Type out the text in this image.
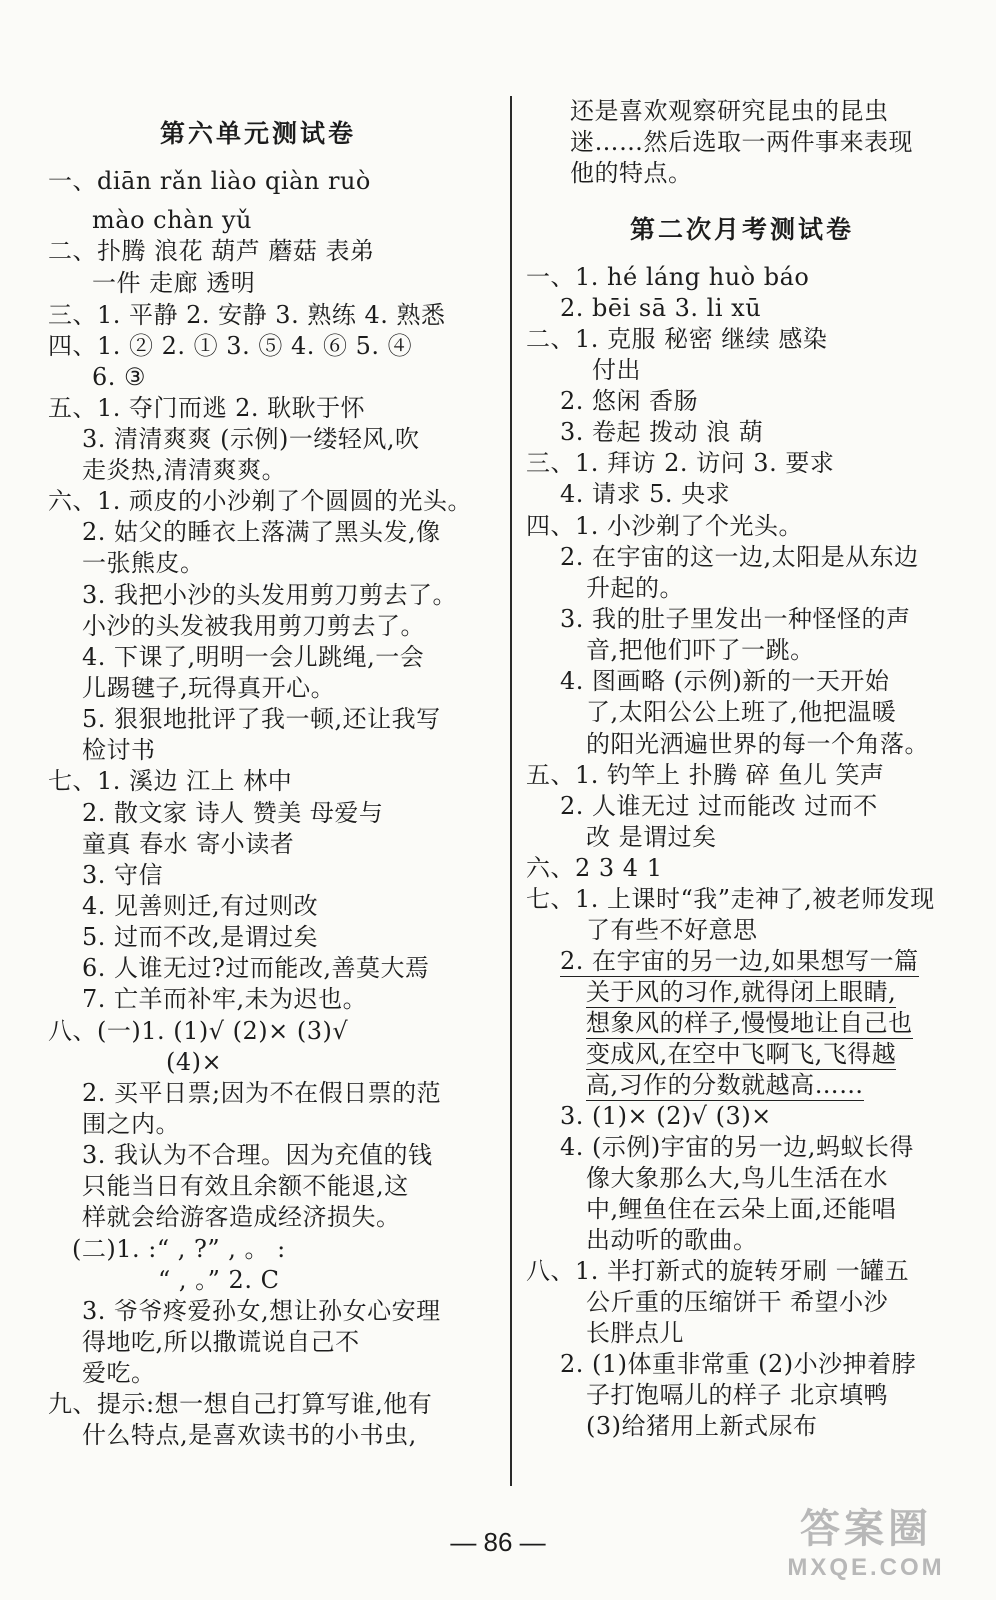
第六单元测试卷
一、diān rǎn liào qiàn ruò
mào chàn yǔ
二、扑腾 浪花 葫芦 蘑菇 表弟
一件 走廊 透明
三、1. 平静 2. 安静 3. 熟练 4. 熟悉
四、1. ② 2. ① 3. ⑤ 4. ⑥ 5. ④
6. ③
五、1. 夺门而逃 2. 耿耿于怀
3. 清清爽爽 (示例)一缕轻风,吹
走炎热,清清爽爽。
六、1. 顽皮的小沙剃了个圆圆的光头。
2. 姑父的睡衣上落满了黑头发,像
一张熊皮。
3. 我把小沙的头发用剪刀剪去了。
小沙的头发被我用剪刀剪去了。
4. 下课了,明明一会儿跳绳,一会
儿踢毽子,玩得真开心。
5. 狠狠地批评了我一顿,还让我写
检讨书
七、1. 溪边 江上 林中
2. 散文家 诗人 赞美 母爱与
童真 春水 寄小读者
3. 守信
4. 见善则迁,有过则改
5. 过而不改,是谓过矣
6. 人谁无过?过而能改,善莫大焉
7. 亡羊而补牢,未为迟也。
八、(一)1. (1)√ (2)× (3)√
(4)×
2. 买平日票;因为不在假日票的范
围之内。
3. 我认为不合理。因为充值的钱
只能当日有效且余额不能退,这
样就会给游客造成经济损失。
(二)1. :“ , ?” , 。 :
“ , 。” 2. C
3. 爷爷疼爱孙女,想让孙女心安理
得地吃,所以撒谎说自己不
爱吃。
九、提示:想一想自己打算写谁,他有
什么特点,是喜欢读书的小书虫,
还是喜欢观察研究昆虫的昆虫
迷……然后选取一两件事来表现
他的特点。
第二次月考测试卷
一、1. hé láng huò báo
2. bēi sā 3. li xū
二、1. 克服 秘密 继续 感染
付出
2. 悠闲 香肠
3. 卷起 拨动 浪 葫
三、1. 拜访 2. 访问 3. 要求
4. 请求 5. 央求
四、1. 小沙剃了个光头。
2. 在宇宙的这一边,太阳是从东边
升起的。
3. 我的肚子里发出一种怪怪的声
音,把他们吓了一跳。
4. 图画略 (示例)新的一天开始
了,太阳公公上班了,他把温暖
的阳光洒遍世界的每一个角落。
五、1. 钓竿上 扑腾 碎 鱼儿 笑声
2. 人谁无过 过而能改 过而不
改 是谓过矣
六、2 3 4 1
七、1. 上课时“我”走神了,被老师发现
了有些不好意思
2. 在宇宙的另一边,如果想写一篇
关于风的习作,就得闭上眼睛,
想象风的样子,慢慢地让自己也
变成风,在空中飞啊飞,飞得越
高,习作的分数就越高……
3. (1)× (2)√ (3)×
4. (示例)宇宙的另一边,蚂蚁长得
像大象那么大,鸟儿生活在水
中,鲤鱼住在云朵上面,还能唱
出动听的歌曲。
八、1. 半打新式的旋转牙刷 一罐五
公斤重的压缩饼干 希望小沙
长胖点儿
2. (1)体重非常重 (2)小沙抻着脖
子打饱嗝儿的样子 北京填鸭
(3)给猪用上新式尿布
— 86 —	答案圈
MXQE.COM
